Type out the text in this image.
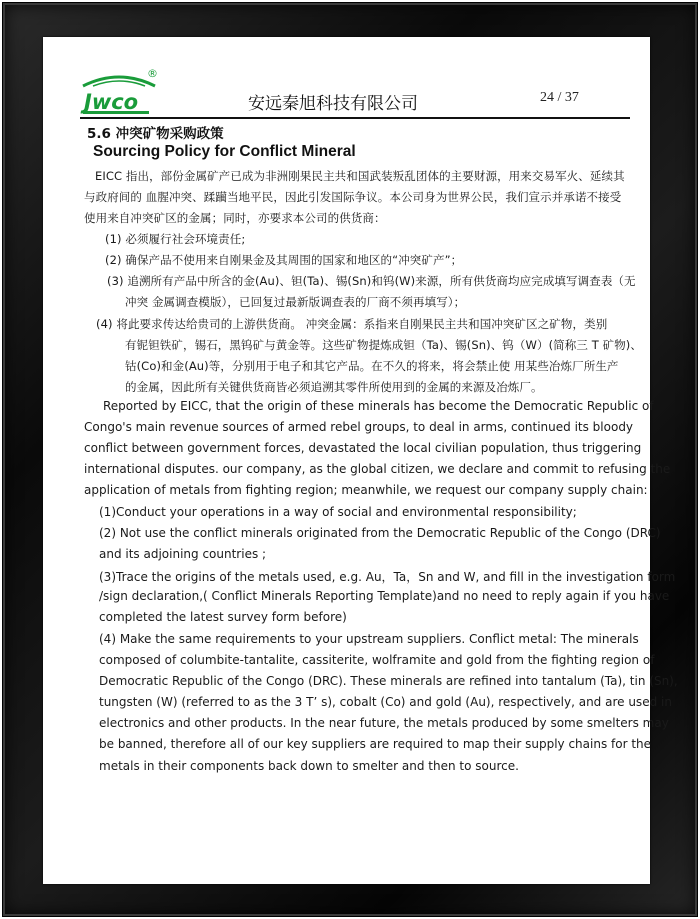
Jwco
®
安远秦旭科技有限公司	24 / 37
5.6 冲突矿物采购政策
Sourcing Policy for Conflict Mineral
EICC 指出，部份金属矿产已成为非洲刚果民主共和国武装叛乱团体的主要财源，用来交易军火、延续其
与政府间的 血腥冲突、蹂躏当地平民，因此引发国际争议。本公司身为世界公民，我们宣示并承诺不接受
使用来自冲突矿区的金属；同时，亦要求本公司的供货商：
(1) 必须履行社会环境责任;
(2) 确保产品不使用来自刚果金及其周围的国家和地区的“冲突矿产”；
(3) 追溯所有产品中所含的金(Au)、钽(Ta)、锡(Sn)和钨(W)来源，所有供货商均应完成填写调查表（无
冲突 金属调查模版），已回复过最新版调查表的厂商不须再填写）；
(4) 将此要求传达给贵司的上游供货商。 冲突金属：系指来自刚果民主共和国冲突矿区之矿物，类别
有铌钽铁矿，锡石，黑钨矿与黄金等。这些矿物提炼成钽（Ta)、锡(Sn)、钨（W）(简称三 T 矿物)、
钴(Co)和金(Au)等，分别用于电子和其它产品。在不久的将来，将会禁止使 用某些冶炼厂所生产
的金属，因此所有关键供货商皆必须追溯其零件所使用到的金属的来源及冶炼厂。
Reported by EICC, that the origin of these minerals has become the Democratic Republic of
Congo's main revenue sources of armed rebel groups, to deal in arms, continued its bloody
conflict between government forces, devastated the local civilian population, thus triggering
international disputes. our company, as the global citizen, we declare and commit to refusing the
application of metals from fighting region; meanwhile, we request our company supply chain:
(1)Conduct your operations in a way of social and environmental responsibility;
(2) Not use the conflict minerals originated from the Democratic Republic of the Congo (DRC)
and its adjoining countries ;
(3)Trace the origins of the metals used, e.g. Au，Ta，Sn and W, and fill in the investigation form
/sign declaration,( Conflict Minerals Reporting Template)and no need to reply again if you have
completed the latest survey form before)
(4) Make the same requirements to your upstream suppliers. Conflict metal: The minerals
composed of columbite-tantalite, cassiterite, wolframite and gold from the fighting region of
Democratic Republic of the Congo (DRC). These minerals are refined into tantalum (Ta), tin (Sn),
tungsten (W) (referred to as the 3 T’ s), cobalt (Co) and gold (Au), respectively, and are used in
electronics and other products. In the near future, the metals produced by some smelters may
be banned, therefore all of our key suppliers are required to map their supply chains for the
metals in their components back down to smelter and then to source.
